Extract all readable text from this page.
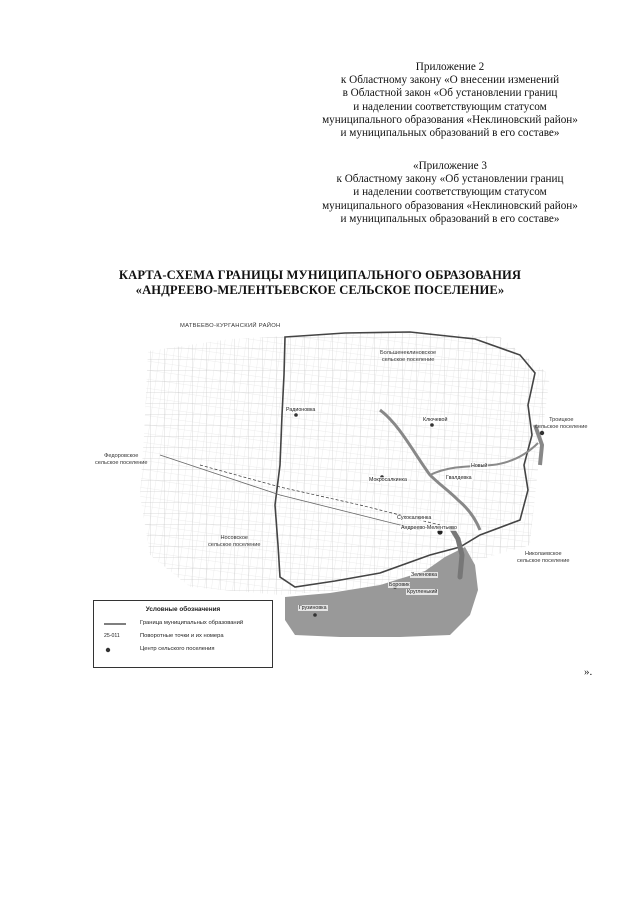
Приложение 2
к Областному закону «О внесении изменений
в Областной закон «Об установлении границ
и наделении соответствующим статусом
муниципального образования «Неклиновский район»
и муниципальных образований в его составе»
«Приложение 3
к Областному закону «Об установлении границ
и наделении соответствующим статусом
муниципального образования «Неклиновский район»
и муниципальных образований в его составе»
КАРТА-СХЕМА ГРАНИЦЫ МУНИЦИПАЛЬНОГО ОБРАЗОВАНИЯ
«АНДРЕЕВО-МЕЛЕНТЬЕВСКОЕ СЕЛЬСКОЕ ПОСЕЛЕНИЕ»
МАТВЕЕВО-КУРГАНСКИЙ РАЙОН
Большенеклиновское
сельское поселение
Троицкое
сельское поселение
Федоровское
сельское поселение
Носовское
сельское поселение
Николаевское
сельское поселение
Радионовка
Ключевой
Гвалдевка
Мокросалкинка
Сухосалкинка
Андреево-Мелентьево
Грузиновка
Зеленовка
Боровик
Кругленький
Новый
Условные обозначения
Граница муниципальных образований
25-011	Поворотные точки и их номера
Центр сельского поселения
».
